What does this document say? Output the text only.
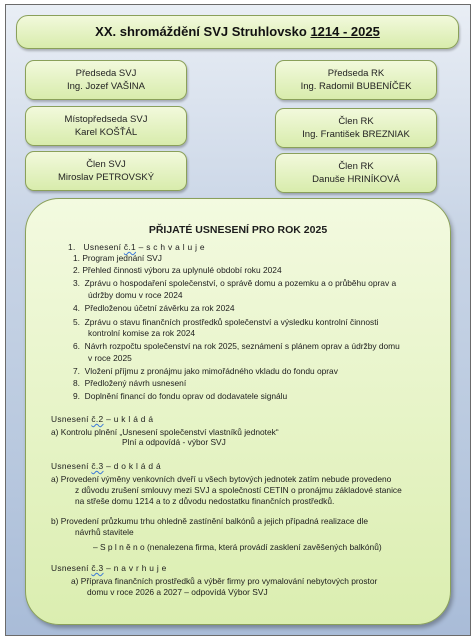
XX. shromáždění SVJ Struhlovsko 1214 - 2025
Předseda SVJ
Ing. Jozef VAŠINA
Místopředseda SVJ
Karel KOŠŤÁL
Člen SVJ
Miroslav PETROVSKÝ
Předseda RK
Ing. Radomil BUBENÍČEK
Člen RK
Ing. František BREZNIAK
Člen RK
Danuše HRINÍKOVÁ
PŘIJATÉ USNESENÍ PRO ROK 2025
1. Usnesení č.1 – s c h v a l u j e
1. Program jednání SVJ
2. Přehled činnosti výboru za uplynulé období roku 2024
3. Zprávu o hospodaření společenství, o správě domu a pozemku a o průběhu oprav a
údržby domu v roce 2024
4. Předloženou účetní závěrku za rok 2024
5. Zprávu o stavu finančních prostředků společenství a výsledku kontrolní činnosti
kontrolní komise za rok 2024
6. Návrh rozpočtu společenství na rok 2025, seznámení s plánem oprav a údržby domu
v roce 2025
7. Vložení příjmu z pronájmu jako mimořádného vkladu do fondu oprav
8. Předložený návrh usnesení
9. Doplnění financí do fondu oprav od dodavatele signálu
Usnesení č.2 – u k l á d á
a) Kontrolu plnění „Usnesení společenství vlastníků jednotek“
Plní a odpovídá - výbor SVJ
Usnesení č.3 – d o k l á d á
a) Provedení výměny venkovních dveří u všech bytových jednotek zatím nebude provedeno
z důvodu zrušení smlouvy mezi SVJ a společností CETIN o pronájmu základové stanice
na střeše domu 1214 a to z důvodu nedostatku finančních prostředků.
b) Provedení průzkumu trhu ohledně zastínění balkónů a jejich případná realizace dle
návrhů stavitele
– S p l n ě n o (nenalezena firma, která provádí zasklení zavěšených balkónů)
Usnesení č.3 – n a v r h u j e
a) Příprava finančních prostředků a výběr firmy pro vymalování nebytových prostor
domu v roce 2026 a 2027 – odpovídá Výbor SVJ
